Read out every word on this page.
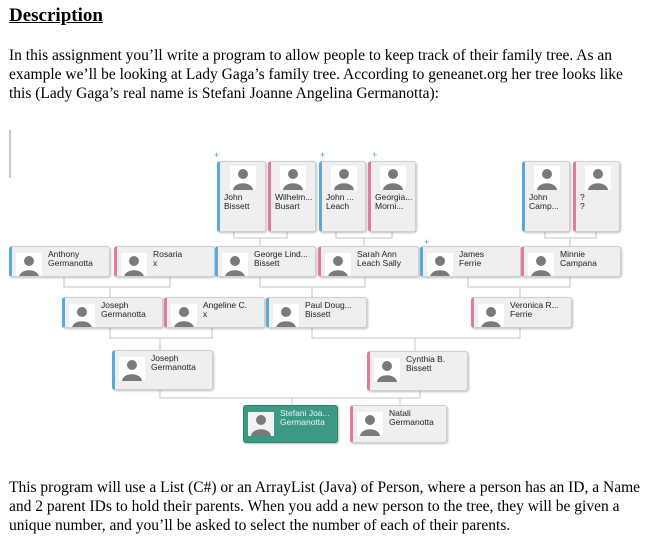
Description

In this assignment you’ll write a program to allow people to keep track of their family tree. As an example we’ll be looking at Lady Gaga’s family tree. According to geneanet.org her tree looks like this (Lady Gaga’s real name is Stefani Joanne Angelina Germanotta):

John
Bissett
Wilhelm...
Busart
John ...
Leach
Georgia...
Morni...
John
Camp...
?
?
Anthony
Germanotta
Rosaria
x
George Lind...
Bissett
Sarah Ann
Leach Sally
James
Ferrie
Minnie
Campana
Joseph
Germanotta
Angeline C.
x
Paul Doug...
Bissett
Veronica R...
Ferrie
Joseph
Germanotta
Cynthia B.
Bissett
Stefani Joa...
Germanotta
Natali
Germanotta
+	+	+
+

This program will use a List (C#) or an ArrayList (Java) of Person, where a person has an ID, a Name and 2 parent IDs to hold their parents. When you add a new person to the tree, they will be given a unique number, and you’ll be asked to select the number of each of their parents.
